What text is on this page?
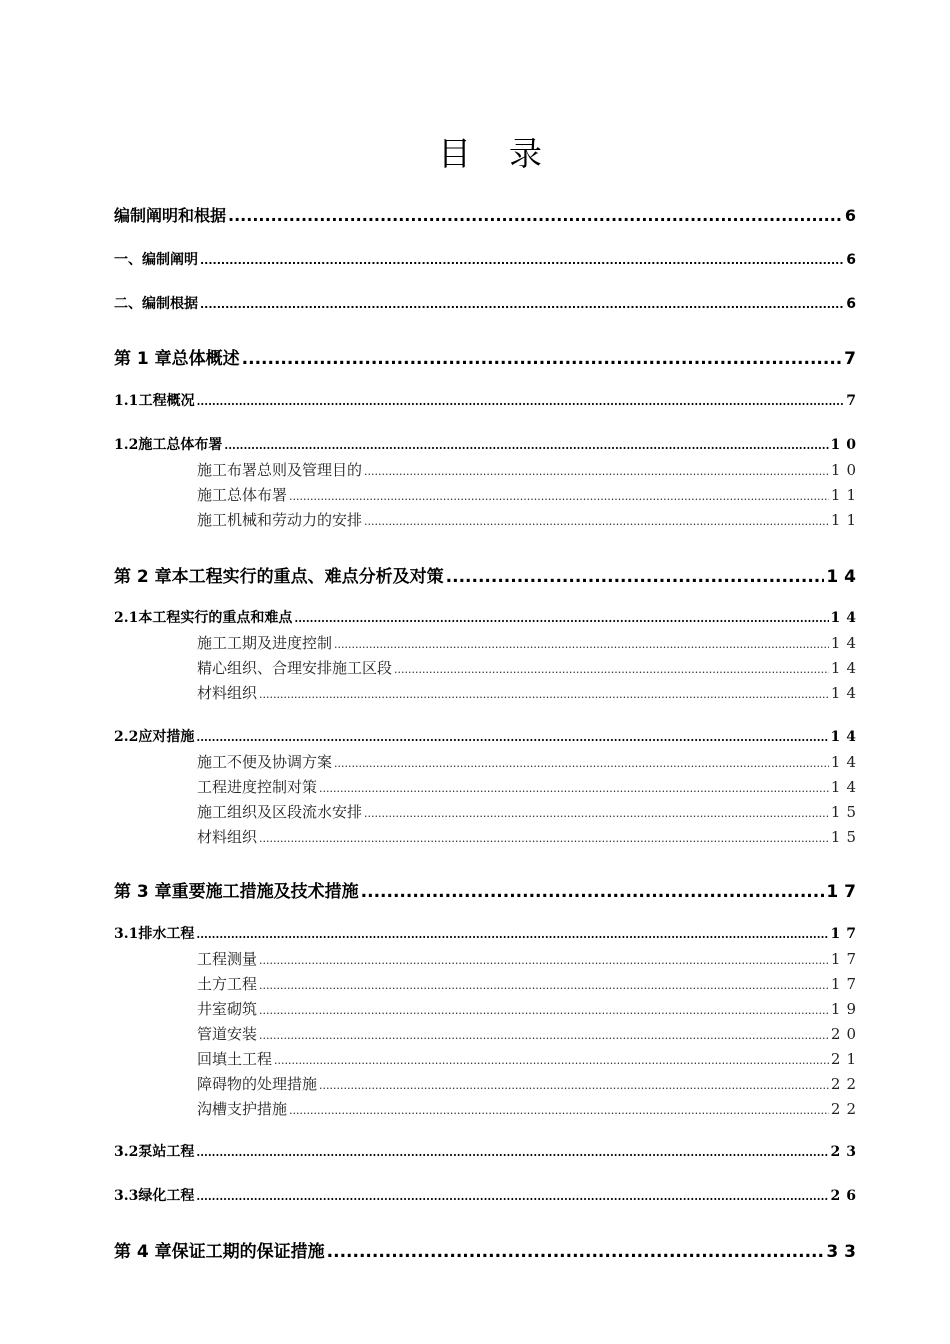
目 录
编制阐明和根据 .....	6
一、编制阐明 .....	6
二、编制根据 .....	6
第 1 章 总体概述 .....	7
1.1 工程概况 .....	7
1.2 施工总体布署 .....	10
施工布署总则及管理目的 .....	10
施工总体布署 .....	11
施工机械和劳动力的安排 .....	11
第 2 章 本工程实行的重点、难点分析及对策 .....	14
2.1 本工程实行的重点和难点 .....	14
施工工期及进度控制 .....	14
精心组织、合理安排施工区段 .....	14
材料组织 .....	14
2.2 应对措施 .....	14
施工不便及协调方案 .....	14
工程进度控制对策 .....	14
施工组织及区段流水安排 .....	15
材料组织 .....	15
第 3 章 重要施工措施及技术措施 .....	17
3.1 排水工程 .....	17
工程测量 .....	17
土方工程 .....	17
井室砌筑 .....	19
管道安装 .....	20
回填土工程 .....	21
障碍物的处理措施 .....	22
沟槽支护措施 .....	22
3.2 泵站工程 .....	23
3.3 绿化工程 .....	26
第 4 章 保证工期的保证措施 .....	33
